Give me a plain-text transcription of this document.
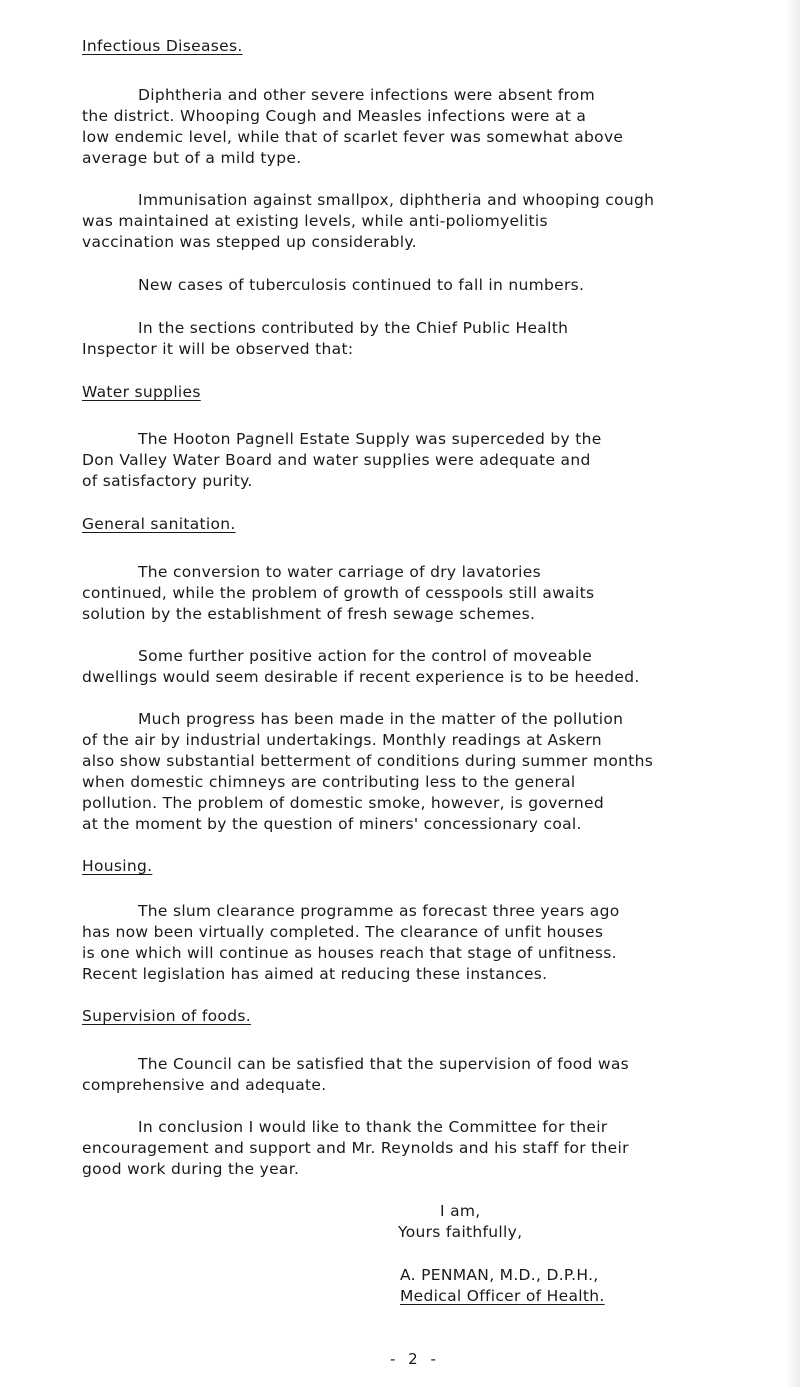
Infectious Diseases.
Diphtheria and other severe infections were absent from
the district. Whooping Cough and Measles infections were at a
low endemic level, while that of scarlet fever was somewhat above
average but of a mild type.
Immunisation against smallpox, diphtheria and whooping cough
was maintained at existing levels, while anti-poliomyelitis
vaccination was stepped up considerably.
New cases of tuberculosis continued to fall in numbers.
In the sections contributed by the Chief Public Health
Inspector it will be observed that:
Water supplies
The Hooton Pagnell Estate Supply was superceded by the
Don Valley Water Board and water supplies were adequate and
of satisfactory purity.
General sanitation.
The conversion to water carriage of dry lavatories
continued, while the problem of growth of cesspools still awaits
solution by the establishment of fresh sewage schemes.
Some further positive action for the control of moveable
dwellings would seem desirable if recent experience is to be heeded.
Much progress has been made in the matter of the pollution
of the air by industrial undertakings. Monthly readings at Askern
also show substantial betterment of conditions during summer months
when domestic chimneys are contributing less to the general
pollution. The problem of domestic smoke, however, is governed
at the moment by the question of miners' concessionary coal.
Housing.
The slum clearance programme as forecast three years ago
has now been virtually completed. The clearance of unfit houses
is one which will continue as houses reach that stage of unfitness.
Recent legislation has aimed at reducing these instances.
Supervision of foods.
The Council can be satisfied that the supervision of food was
comprehensive and adequate.
In conclusion I would like to thank the Committee for their
encouragement and support and Mr. Reynolds and his staff for their
good work during the year.
I am,
Yours faithfully,
A. PENMAN, M.D., D.P.H.,
Medical Officer of Health.
- 2 -
